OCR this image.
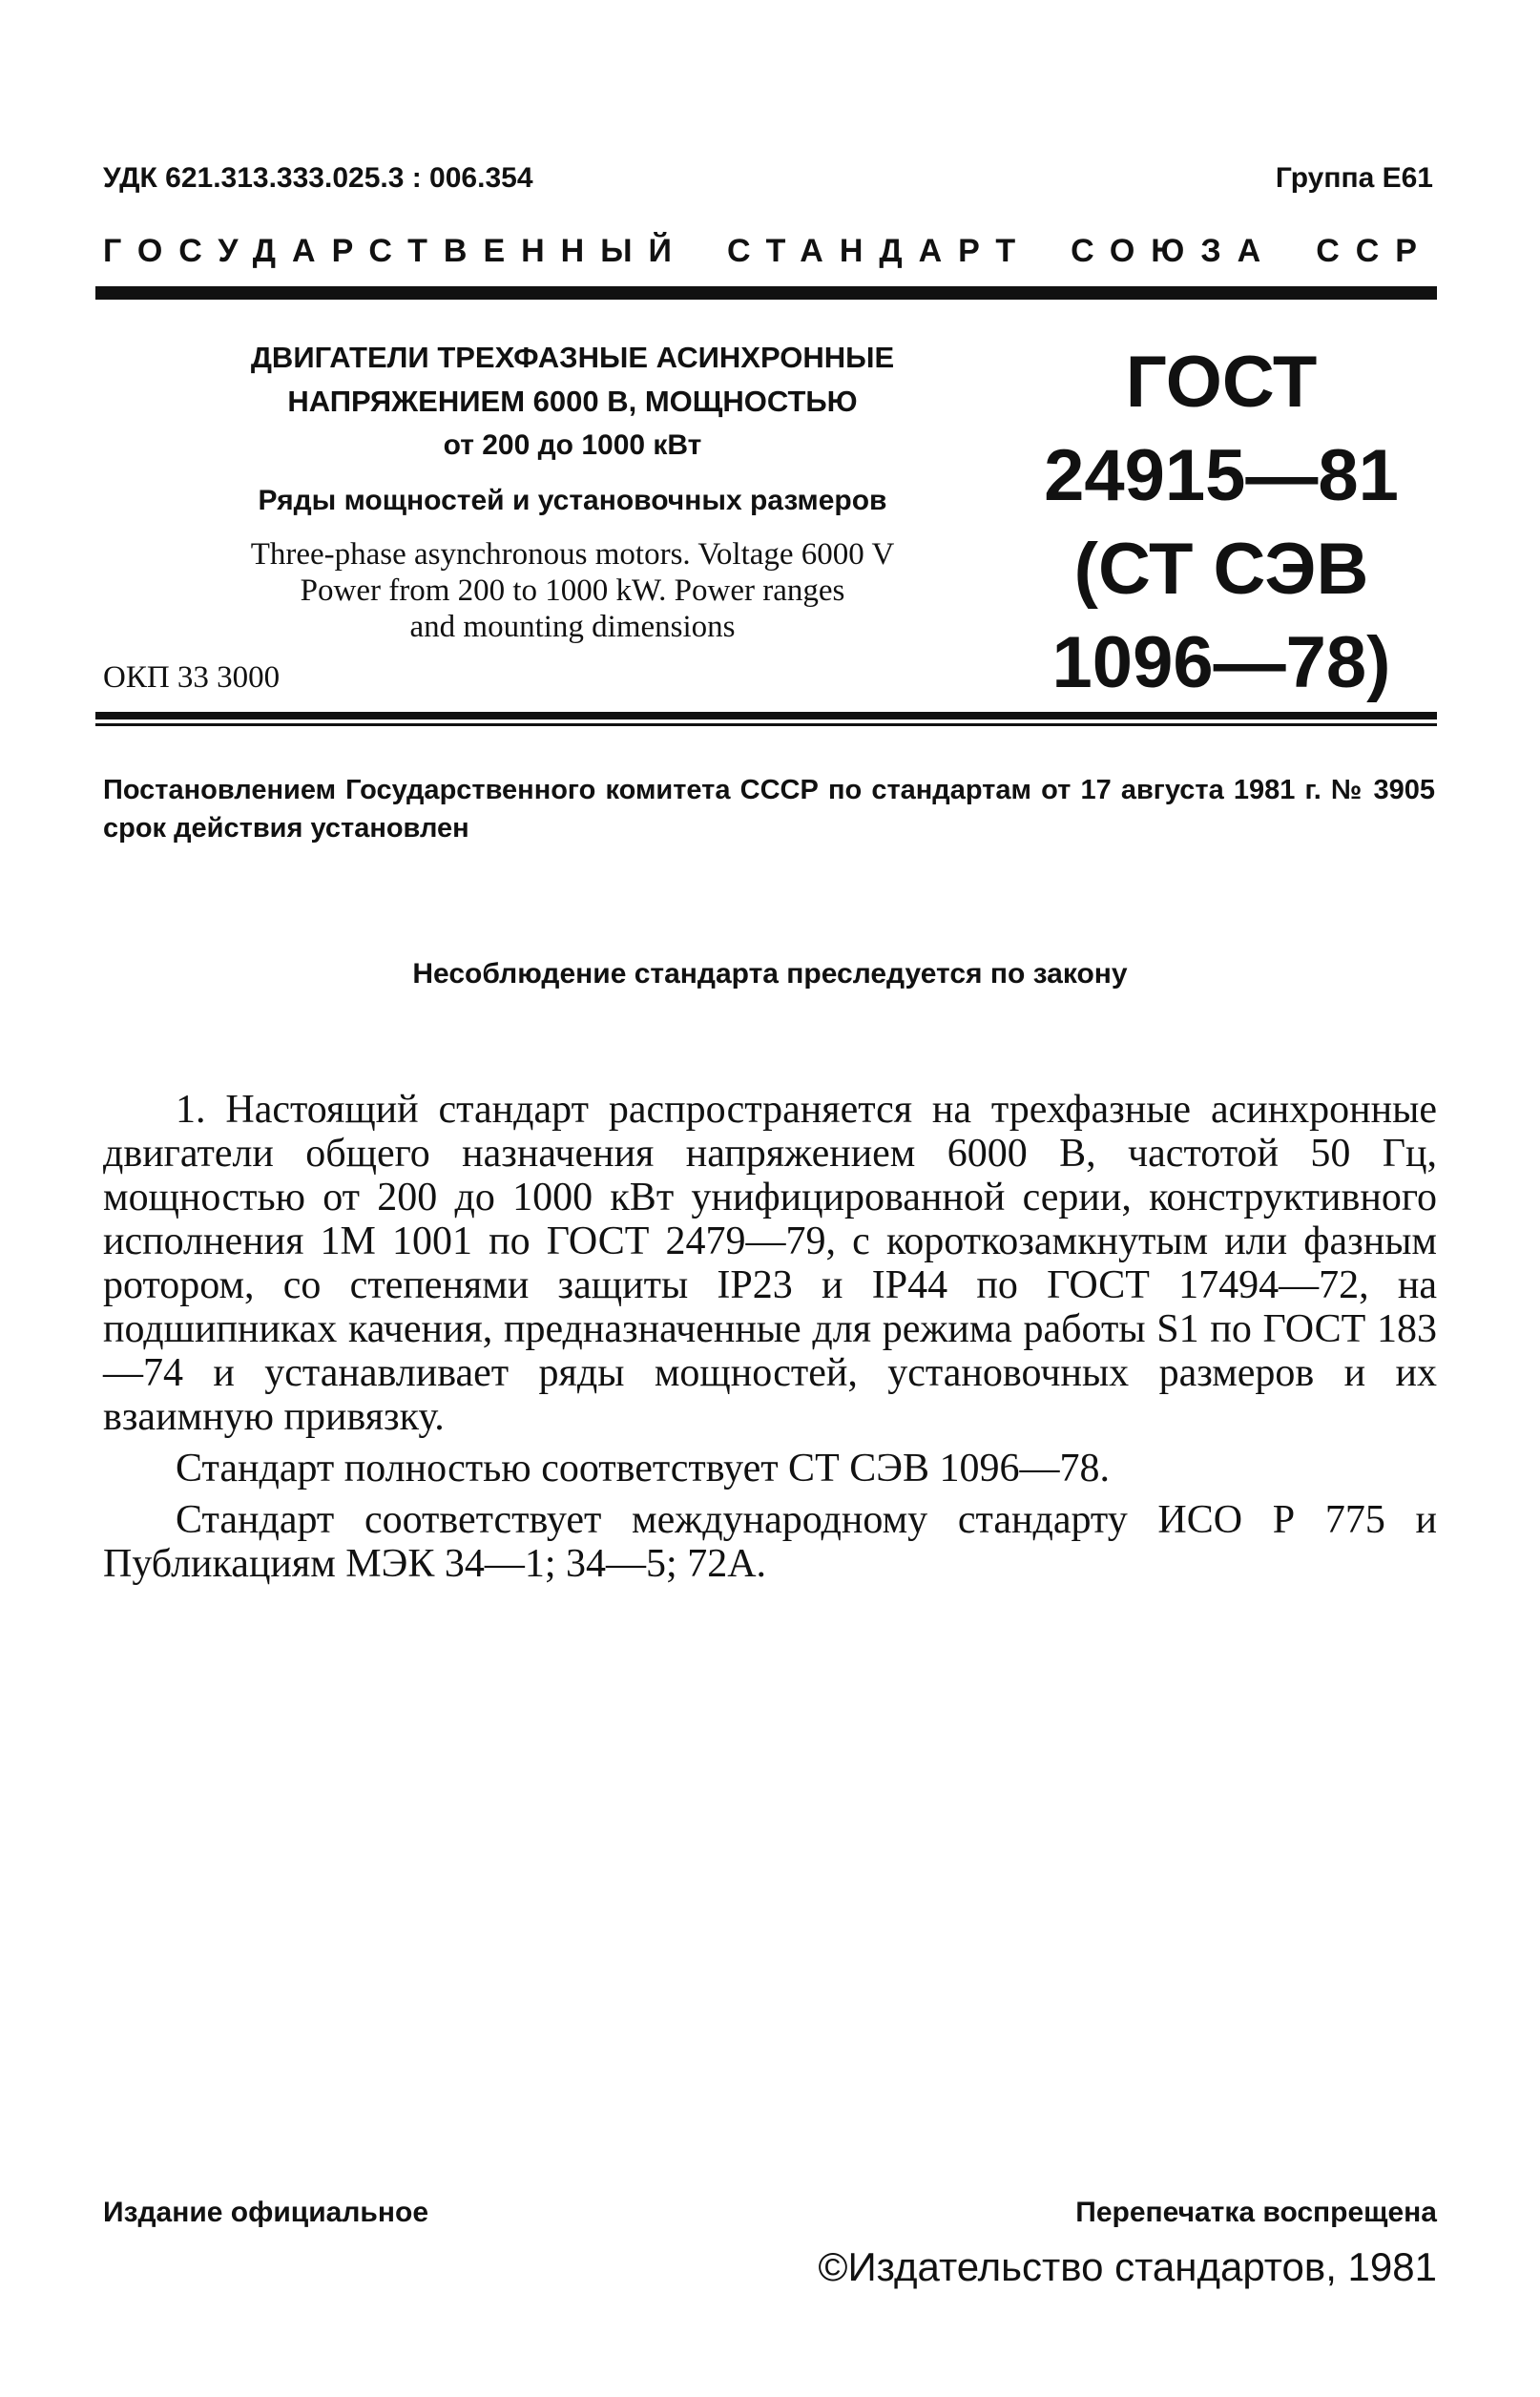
УДК 621.313.333.025.3 : 006.354	Группа Е61
ГОСУДАРСТВЕННЫЙ СТАНДАРТ СОЮЗА ССР
ДВИГАТЕЛИ ТРЕХФАЗНЫЕ АСИНХРОННЫЕ
НАПРЯЖЕНИЕМ 6000 В, МОЩНОСТЬЮ
от 200 до 1000 кВт
Ряды мощностей и установочных размеров
Three-phase asynchronous motors. Voltage 6000 V
Power from 200 to 1000 kW. Power ranges
and mounting dimensions
ОКП 33 3000
ГОСТ
24915—81
(СТ СЭВ
1096—78)
Постановлением Государственного комитета СССР по стандартам от 17 августа 1981 г. № 3905 срок действия установлен
Несоблюдение стандарта преследуется по закону

1. Настоящий стандарт распространяется на трехфазные асинхронные двигатели общего назначения напряжением 6000 В, частотой 50 Гц, мощностью от 200 до 1000 кВт унифицированной серии, конструктивного исполнения 1М 1001 по ГОСТ 2479—79, с короткозамкнутым или фазным ротором, со степенями защиты IP23 и IP44 по ГОСТ 17494—72, на подшипниках качения, предназначенные для режима работы S1 по ГОСТ 183—74 и устанавливает ряды мощностей, установочных размеров и их взаимную привязку.

Стандарт полностью соответствует СТ СЭВ 1096—78.

Стандарт соответствует международному стандарту ИСО Р 775 и Публикациям МЭК 34—1; 34—5; 72А.

Издание официальное	Перепечатка воспрещена
©Издательство стандартов, 1981
